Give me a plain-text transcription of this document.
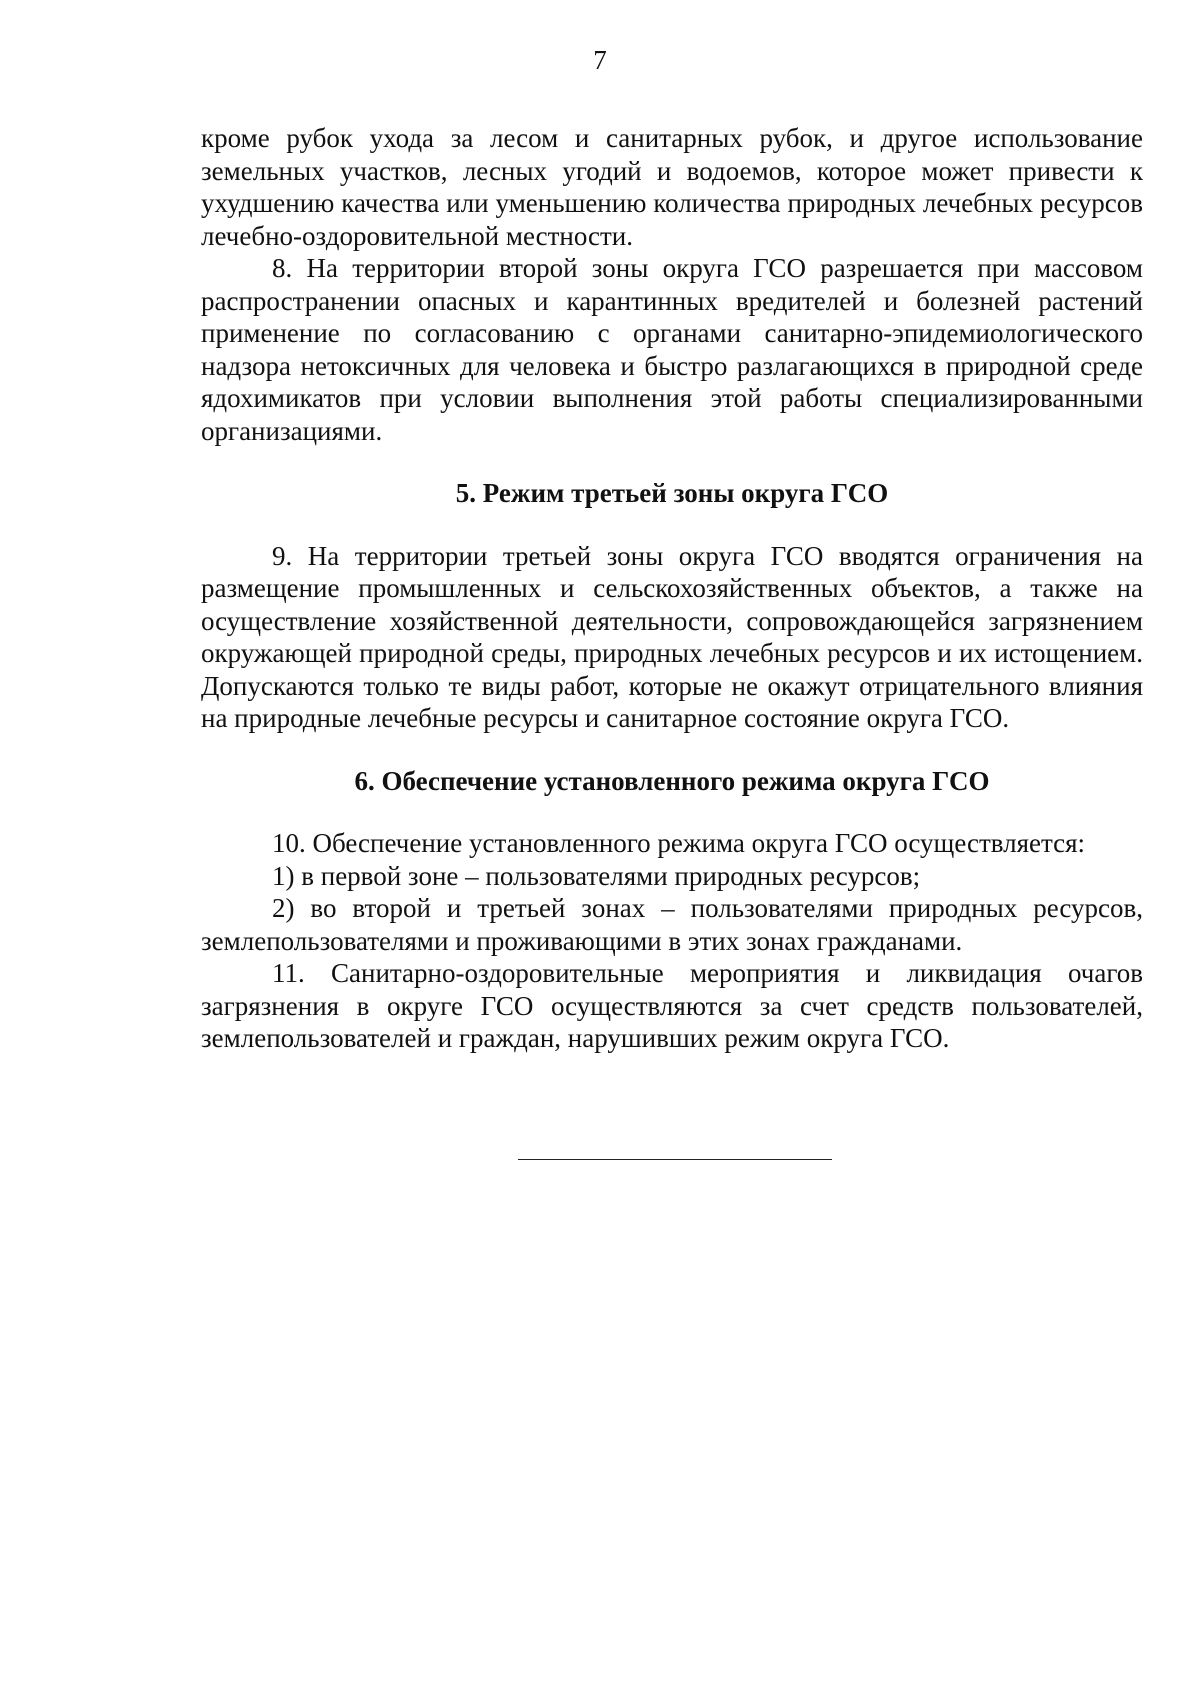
7

кроме рубок ухода за лесом и санитарных рубок, и другое использование земельных участков, лесных угодий и водоемов, которое может привести к ухудшению качества или уменьшению количества природных лечебных ресурсов лечебно-оздоровительной местности.

8. На территории второй зоны округа ГСО разрешается при массовом распространении опасных и карантинных вредителей и болезней растений применение по согласованию с органами санитарно-эпидемиологического надзора нетоксичных для человека и быстро разлагающихся в природной среде ядохимикатов при условии выполнения этой работы специализированными организациями.

5. Режим третьей зоны округа ГСО

9. На территории третьей зоны округа ГСО вводятся ограничения на размещение промышленных и сельскохозяйственных объектов, а также на осуществление хозяйственной деятельности, сопровождающейся загрязнением окружающей природной среды, природных лечебных ресурсов и их истощением. Допускаются только те виды работ, которые не окажут отрицательного влияния на природные лечебные ресурсы и санитарное состояние округа ГСО.

6. Обеспечение установленного режима округа ГСО

10. Обеспечение установленного режима округа ГСО осуществляется:

1) в первой зоне – пользователями природных ресурсов;

2) во второй и третьей зонах – пользователями природных ресурсов, землепользователями и проживающими в этих зонах гражданами.

11. Санитарно-оздоровительные мероприятия и ликвидация очагов загрязнения в округе ГСО осуществляются за счет средств пользователей, землепользователей и граждан, нарушивших режим округа ГСО.
